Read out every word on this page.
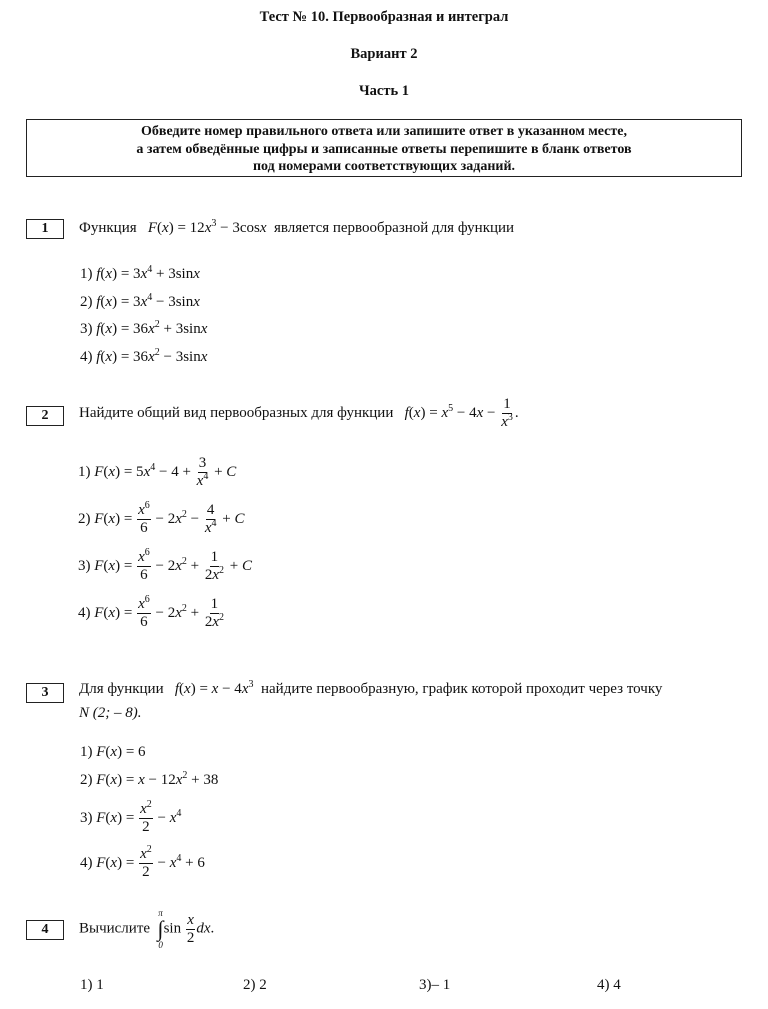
Тест № 10. Первообразная и интеграл
Вариант 2
Часть 1
Обведите номер правильного ответа или запишите ответ в указанном месте,
а затем обведённые цифры и записанные ответы перепишите в бланк ответов
под номерами соответствующих заданий.
1	Функция $F(x) = 12x^3 - 3\cos x$ является первообразной для функции
1) $f(x) = 3x^4 + 3\sin x$
2) $f(x) = 3x^4 - 3\sin x$
3) $f(x) = 36x^2 + 3\sin x$
4) $f(x) = 36x^2 - 3\sin x$
2	Найдите общий вид первообразных для функции $f(x) = x^5 - 4x - \frac{1}{x^3}$ .
1) $F(x) = 5x^4 - 4 + \frac{3}{x^4} + C$
2) $F(x) = \frac{x^6}{6} - 2x^2 - \frac{4}{x^4} + C$
3) $F(x) = \frac{x^6}{6} - 2x^2 + \frac{1}{2x^2} + C$
4) $F(x) = \frac{x^6}{6} - 2x^2 + \frac{1}{2x^2}$
3	Для функции $f(x) = x - 4x^3$ найдите первообразную, график которой проходит через точку
N (2; – 8).
1) F(x) = 6
2) $F(x) = x - 12x^2 + 38$
3) $F(x) = \frac{x^2}{2} - x^4$
4) $F(x) = \frac{x^2}{2} - x^4 + 6$
4	Вычислите
π
∫
0
$\sin \frac{x}{2}$ dx.
1) 1	2) 2	3)– 1	4) 4
